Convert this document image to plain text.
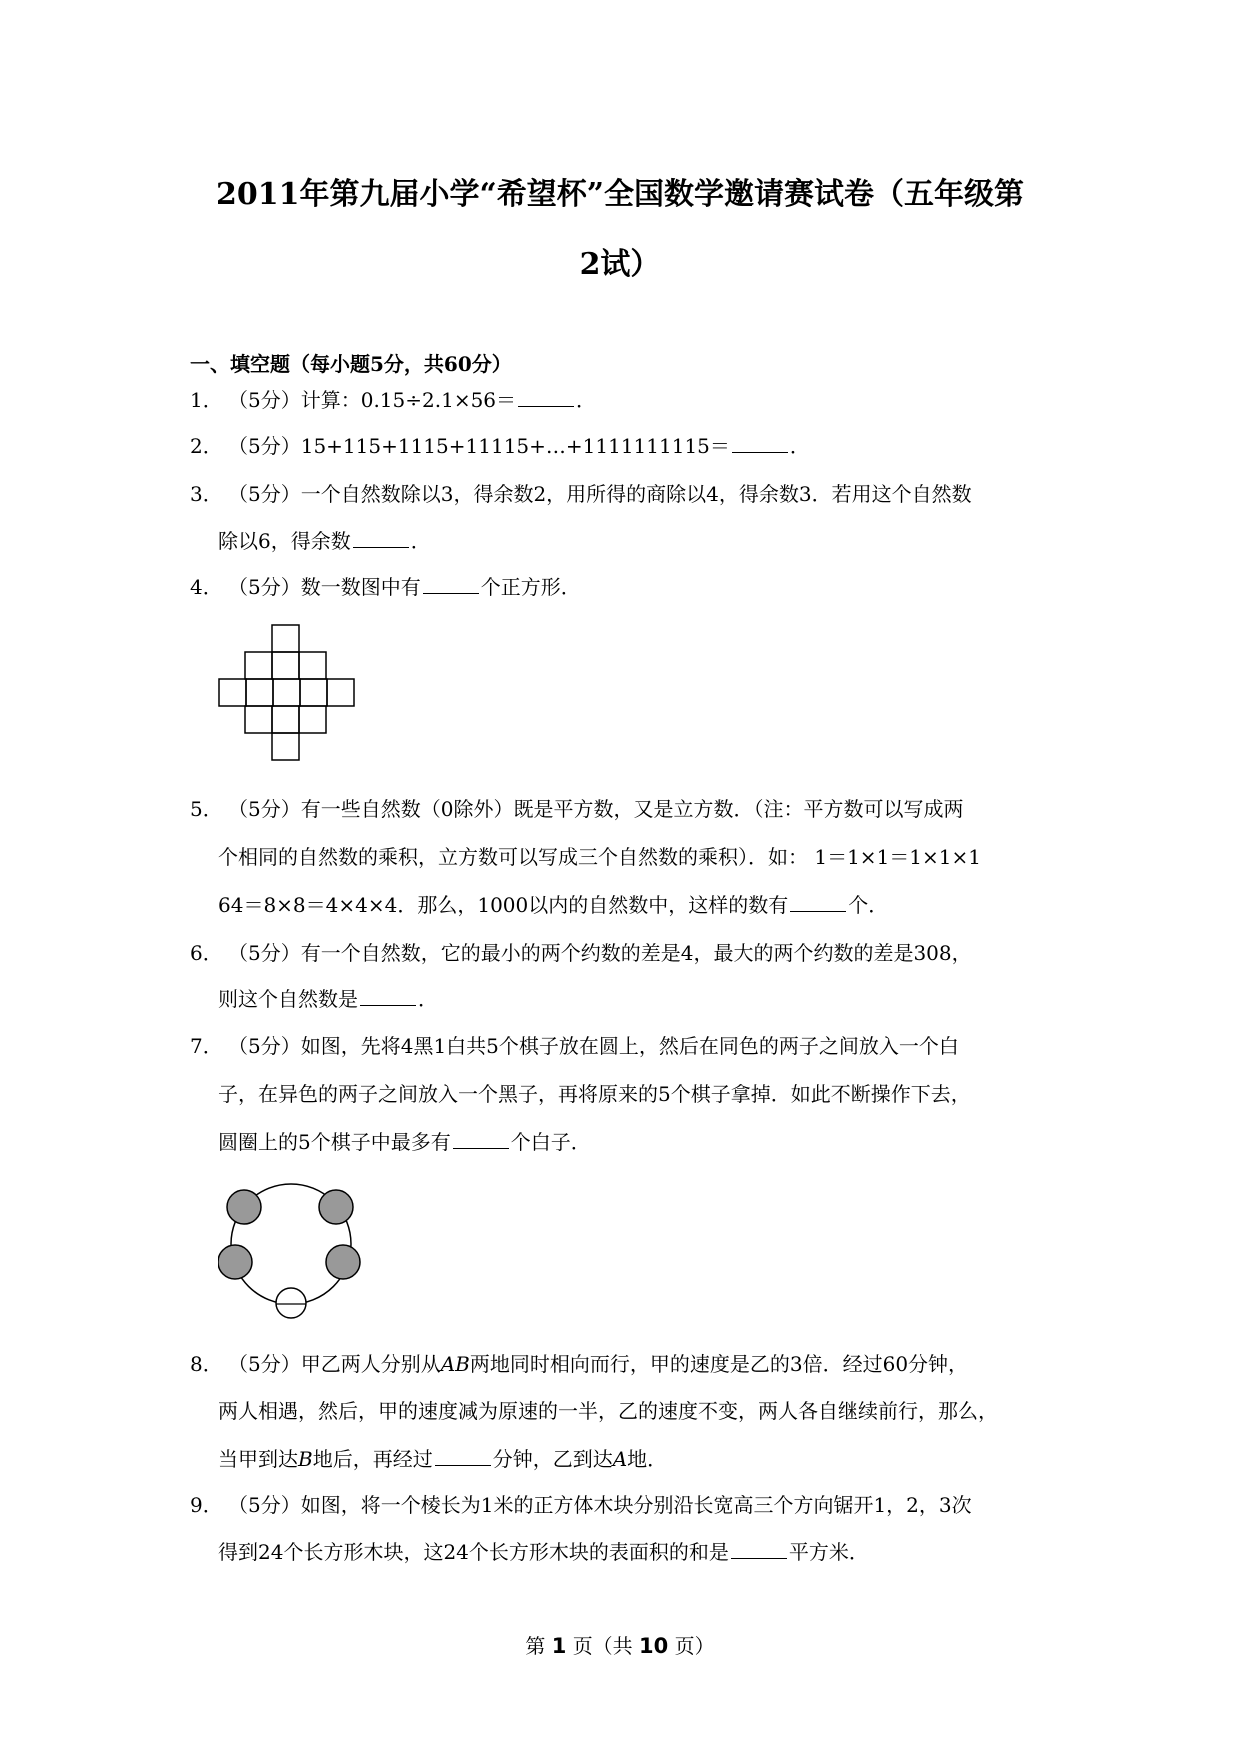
2011年第九届小学“希望杯”全国数学邀请赛试卷（五年级第
2试）
一、填空题（每小题5分，共60分）
1． （5分）计算：0.15÷2.1×56＝	．
2． （5分）15+115+1115+11115+…+1111111115＝	．
3． （5分）一个自然数除以3，得余数2，用所得的商除以4，得余数3．若用这个自然数
除以6，得余数	．
4． （5分）数一数图中有	个正方形．
5． （5分）有一些自然数（0除外）既是平方数，又是立方数．（注：平方数可以写成两
个相同的自然数的乘积，立方数可以写成三个自然数的乘积）．如： 1＝1×1＝1×1×1
64＝8×8＝4×4×4．那么，1000以内的自然数中，这样的数有	个．
6． （5分）有一个自然数，它的最小的两个约数的差是4，最大的两个约数的差是308，
则这个自然数是	．
7． （5分）如图，先将4黑1白共5个棋子放在圆上，然后在同色的两子之间放入一个白
子，在异色的两子之间放入一个黑子，再将原来的5个棋子拿掉．如此不断操作下去，
圆圈上的5个棋子中最多有	个白子．
8． （5分）甲乙两人分别从AB两地同时相向而行，甲的速度是乙的3倍．经过60分钟，
两人相遇，然后，甲的速度减为原速的一半，乙的速度不变，两人各自继续前行，那么，
当甲到达B地后，再经过	分钟，乙到达A地．
9． （5分）如图，将一个棱长为1米的正方体木块分别沿长宽高三个方向锯开1，2，3次
得到24个长方形木块，这24个长方形木块的表面积的和是	平方米．
第 1 页（共 10 页）
